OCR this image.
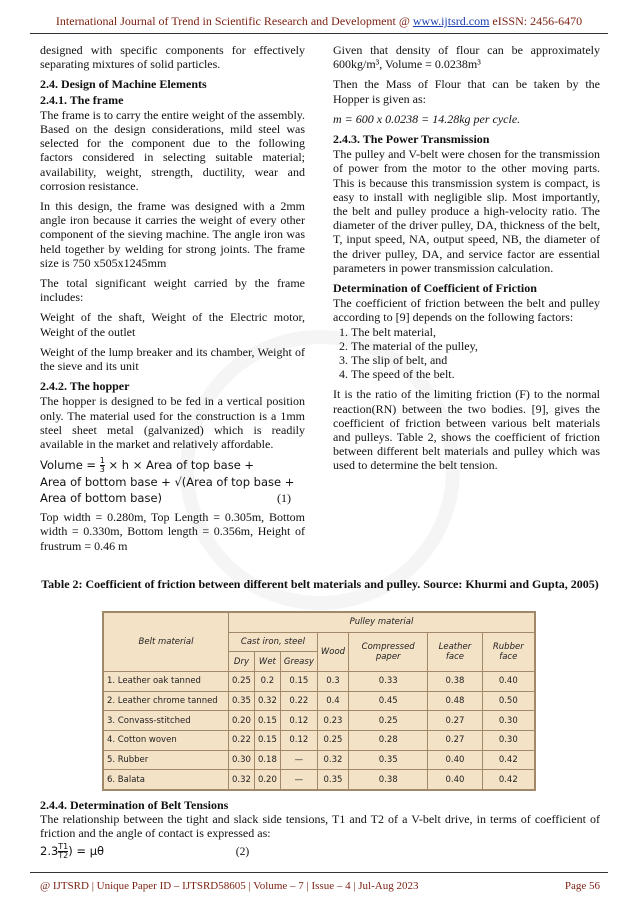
International Journal of Trend in Scientific Research and Development @ www.ijtsrd.com eISSN: 2456-6470

designed with specific components for effectively separating mixtures of solid particles.

2.4. Design of Machine Elements
2.4.1. The frame

The frame is to carry the entire weight of the assembly. Based on the design considerations, mild steel was selected for the component due to the following factors considered in selecting suitable material; availability, weight, strength, ductility, wear and corrosion resistance.

In this design, the frame was designed with a 2mm angle iron because it carries the weight of every other component of the sieving machine. The angle iron was held together by welding for strong joints. The frame size is 750 x505x1245mm

The total significant weight carried by the frame includes:

Weight of the shaft, Weight of the Electric motor, Weight of the outlet

Weight of the lump breaker and its chamber, Weight of the sieve and its unit

2.4.2. The hopper

The hopper is designed to be fed in a vertical position only. The material used for the construction is a 1mm steel sheet metal (galvanized) which is readily available in the market and relatively affordable.

Volume = $\frac{1}{3} \times h$ × Area of top base +
Area of bottom base + √(Area of top base +
Area of bottom base)	(1)

Top width = 0.280m, Top Length = 0.305m, Bottom width = 0.330m, Bottom length = 0.356m, Height of frustrum = 0.46 m

Given that density of flour can be approximately 600kg/m³, Volume = 0.0238m³

Then the Mass of Flour that can be taken by the Hopper is given as:

m = 600 x 0.0238 = 14.28kg per cycle.

2.4.3. The Power Transmission

The pulley and V-belt were chosen for the transmission of power from the motor to the other moving parts. This is because this transmission system is compact, is easy to install with negligible slip. Most importantly, the belt and pulley produce a high-velocity ratio. The diameter of the driver pulley, DA, thickness of the belt, T, input speed, NA, output speed, NB, the diameter of the driver pulley, DA, and service factor are essential parameters in power transmission calculation.

Determination of Coefficient of Friction

The coefficient of friction between the belt and pulley according to [9] depends on the following factors:

1. The belt material,
2. The material of the pulley,
3. The slip of belt, and
4. The speed of the belt.

It is the ratio of the limiting friction (F) to the normal reaction(RN) between the two bodies. [9], gives the coefficient of friction between various belt materials and pulleys. Table 2, shows the coefficient of friction between different belt materials and pulley which was used to determine the belt tension.

Table 2: Coefficient of friction between different belt materials and pulley. Source: Khurmi and Gupta, 2005)
Belt material	Pulley material						
	Cast iron, steel			Wood	Compressed paper	Leather face	Rubber face
	Dry	Wet	Greasy				
1. Leather oak tanned	0.25	0.2	0.15	0.3	0.33	0.38	0.40
2. Leather chrome tanned	0.35	0.32	0.22	0.4	0.45	0.48	0.50
3. Convass-stitched	0.20	0.15	0.12	0.23	0.25	0.27	0.30
4. Cotton woven	0.22	0.15	0.12	0.25	0.28	0.27	0.30
5. Rubber	0.30	0.18	—	0.32	0.35	0.40	0.42
6. Balata	0.32	0.20	—	0.35	0.38	0.40	0.42
2.4.4. Determination of Belt Tensions

The relationship between the tight and slack side tensions, T1 and T2 of a V-belt drive, in terms of coefficient of friction and the angle of contact is expressed as:

$2.3 \frac{T1}{T2}$ ) = μθ	(2)
@ IJTSRD | Unique Paper ID – IJTSRD58605 | Volume – 7 | Issue – 4 | Jul-Aug 2023	Page 56
